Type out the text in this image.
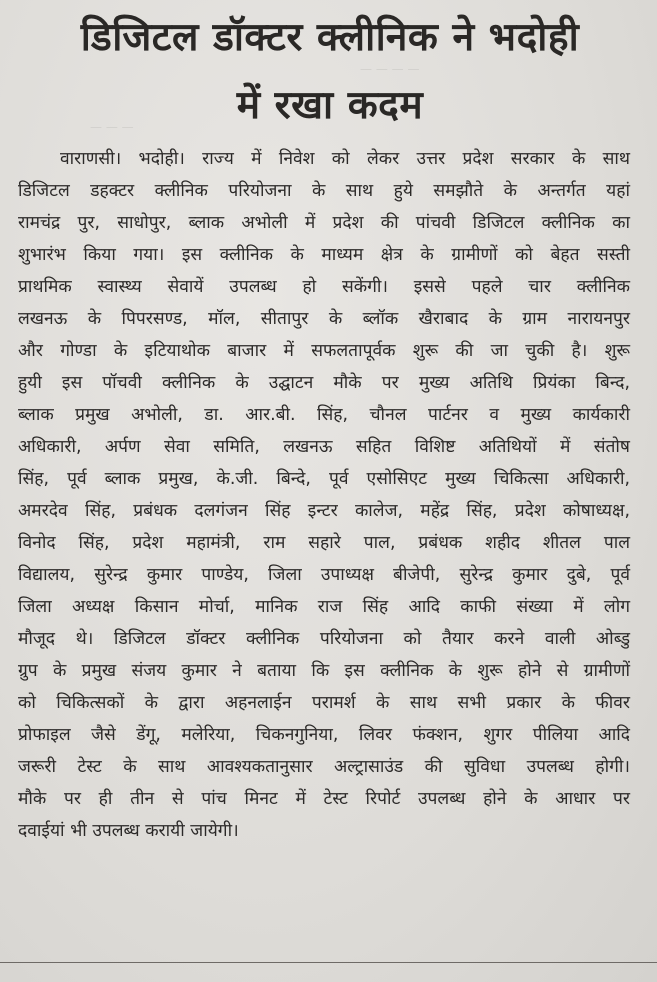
— — — —
— — —
डिजिटल डॉक्टर क्लीनिक ने भदोही
में रखा कदम
वाराणसी। भदोही। राज्य में निवेश को लेकर उत्तर प्रदेश सरकार के साथ
डिजिटल डहक्टर क्लीनिक परियोजना के साथ हुये समझौते के अन्तर्गत यहां
रामचंद्र पुर, साधोपुर, ब्लाक अभोली में प्रदेश की पांचवी डिजिटल क्लीनिक का
शुभारंभ किया गया। इस क्लीनिक के माध्यम क्षेत्र के ग्रामीणों को बेहत सस्ती
प्राथमिक स्वास्थ्य सेवायें उपलब्ध हो सकेंगी। इससे पहले चार क्लीनिक
लखनऊ के पिपरसण्ड, मॉल, सीतापुर के ब्लॉक खैराबाद के ग्राम नारायनपुर
और गोण्डा के इटियाथोक बाजार में सफलतापूर्वक शुरू की जा चुकी है। शुरू
हुयी इस पॉचवी क्लीनिक के उद्घाटन मौके पर मुख्य अतिथि प्रियंका बिन्द,
ब्लाक प्रमुख अभोली, डा. आर.बी. सिंह, चौनल पार्टनर व मुख्य कार्यकारी
अधिकारी, अर्पण सेवा समिति, लखनऊ सहित विशिष्ट अतिथियों में संतोष
सिंह, पूर्व ब्लाक प्रमुख, के.जी. बिन्दे, पूर्व एसोसिएट मुख्य चिकित्सा अधिकारी,
अमरदेव सिंह, प्रबंधक दलगंजन सिंह इन्टर कालेज, महेंद्र सिंह, प्रदेश कोषाध्यक्ष,
विनोद सिंह, प्रदेश महामंत्री, राम सहारे पाल, प्रबंधक शहीद शीतल पाल
विद्यालय, सुरेन्द्र कुमार पाण्डेय, जिला उपाध्यक्ष बीजेपी, सुरेन्द्र कुमार दुबे, पूर्व
जिला अध्यक्ष किसान मोर्चा, मानिक राज सिंह आदि काफी संख्या में लोग
मौजूद थे। डिजिटल डॉक्टर क्लीनिक परियोजना को तैयार करने वाली ओब्डु
ग्रुप के प्रमुख संजय कुमार ने बताया कि इस क्लीनिक के शुरू होने से ग्रामीणों
को चिकित्सकों के द्वारा अहनलाईन परामर्श के साथ सभी प्रकार के फीवर
प्रोफाइल जैसे डेंगू, मलेरिया, चिकनगुनिया, लिवर फंक्शन, शुगर पीलिया आदि
जरूरी टेस्ट के साथ आवश्यकतानुसार अल्ट्रासाउंड की सुविधा उपलब्ध होगी।
मौके पर ही तीन से पांच मिनट में टेस्ट रिपोर्ट उपलब्ध होने के आधार पर
दवाईयां भी उपलब्ध करायी जायेगी।
